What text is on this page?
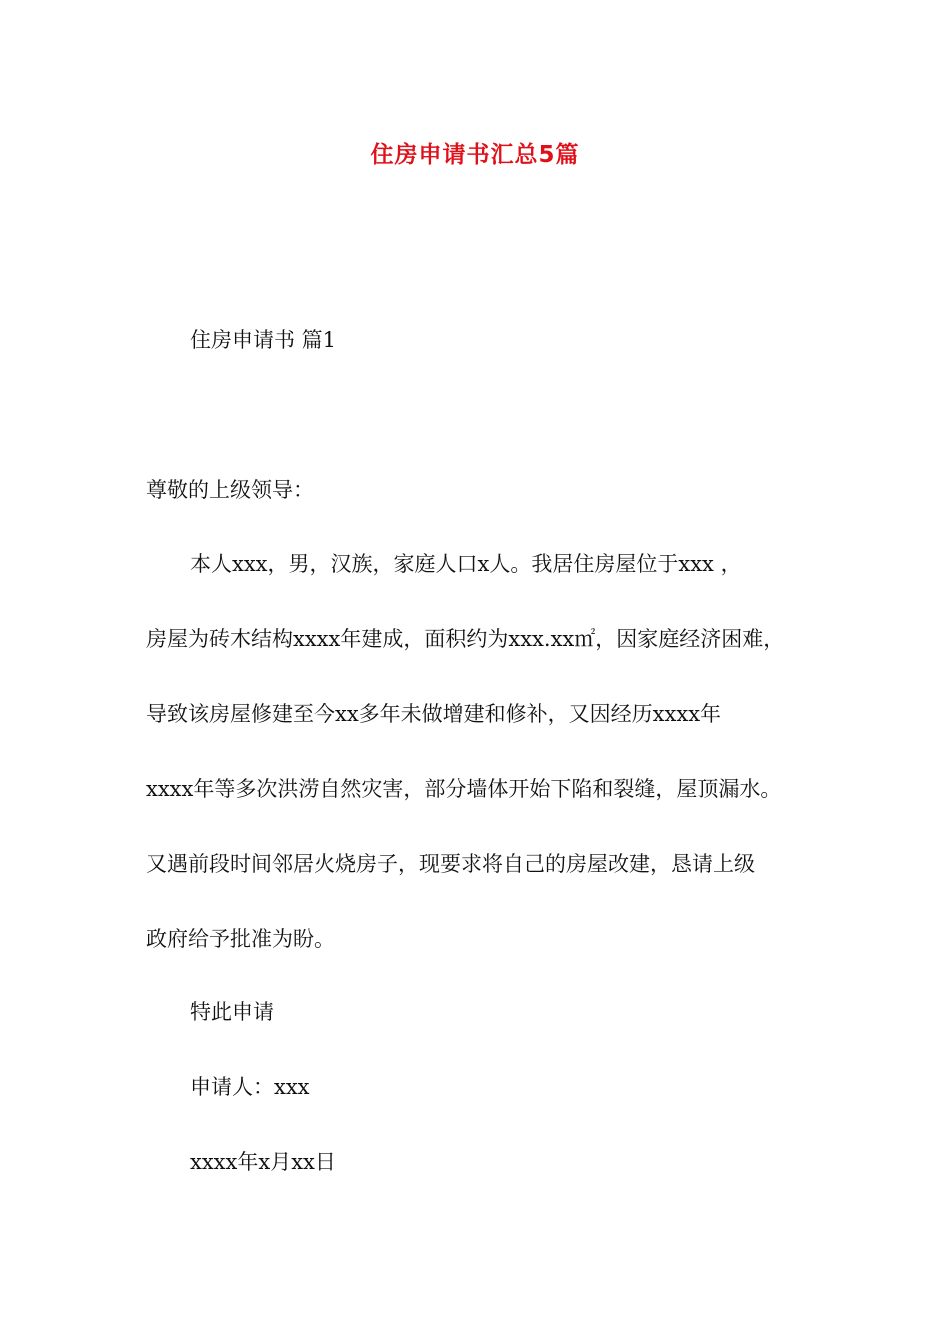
住房申请书汇总5篇
住房申请书 篇1
尊敬的上级领导：
本人xxx，男，汉族，家庭人口x人。我居住房屋位于xxx ，
房屋为砖木结构xxxx年建成，面积约为xxx.xx㎡，因家庭经济困难，
导致该房屋修建至今xx多年未做增建和修补，又因经历xxxx年
xxxx年等多次洪涝自然灾害，部分墙体开始下陷和裂缝，屋顶漏水。
又遇前段时间邻居火烧房子，现要求将自己的房屋改建，恳请上级
政府给予批准为盼。
特此申请
申请人：xxx
xxxx年x月xx日
